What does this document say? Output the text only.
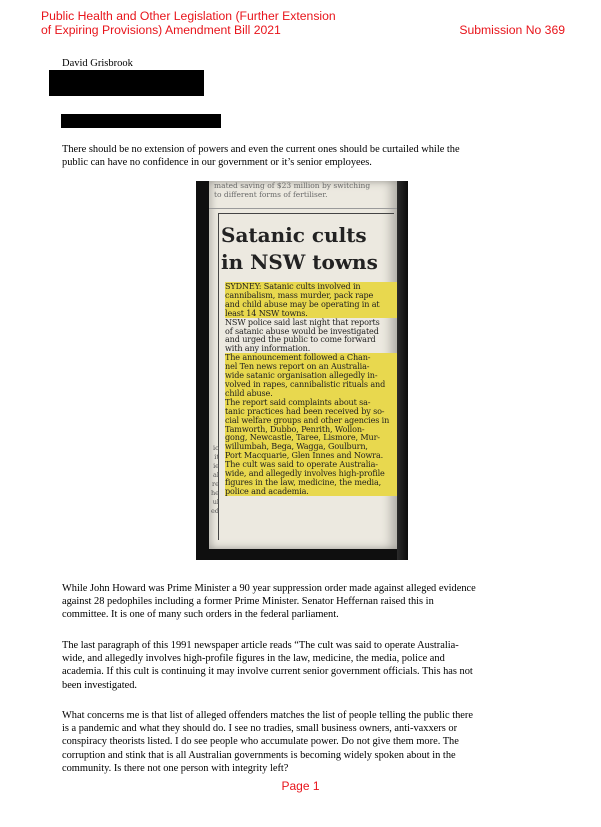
Public Health and Other Legislation (Further Extension
of Expiring Provisions) Amendment Bill 2021	Submission No 369
David Grisbrook
There should be no extension of powers and even the current ones should be curtailed while the
public can have no confidence in our government or it’s senior employees.
mated saving of $23 million by switching
to different forms of fertiliser.
Satanic cults
in NSW towns

SYDNEY: Satanic cults involved in
cannibalism, mass murder, pack rape
and child abuse may be operating in at
least 14 NSW towns.

NSW police said last night that reports
of satanic abuse would be investigated
and urged the public to come forward
with any information.

The announcement followed a Chan-
nel Ten news report on an Australia-
wide satanic organisation allegedly in-
volved in rapes, cannibalistic rituals and
child abuse.

The report said complaints about sa-
tanic practices had been received by so-
cial welfare groups and other agencies in
Tamworth, Dubbo, Penrith, Wollon-
gong, Newcastle, Taree, Lismore, Mur-
willumbah, Bega, Wagga, Goulburn,
Port Macquarie, Glen Innes and Nowra.

The cult was said to operate Australia-
wide, and allegedly involves high-profile
figures in the law, medicine, the media,
police and academia.

io
it
ie
al
re
he
ul
ed
While John Howard was Prime Minister a 90 year suppression order made against alleged evidence
against 28 pedophiles including a former Prime Minister. Senator Heffernan raised this in
committee. It is one of many such orders in the federal parliament.
The last paragraph of this 1991 newspaper article reads “The cult was said to operate Australia-
wide, and allegedly involves high-profile figures in the law, medicine, the media, police and
academia. If this cult is continuing it may involve current senior government officials. This has not
been investigated.
What concerns me is that list of alleged offenders matches the list of people telling the public there
is a pandemic and what they should do. I see no tradies, small business owners, anti-vaxxers or
conspiracy theorists listed. I do see people who accumulate power. Do not give them more. The
corruption and stink that is all Australian governments is becoming widely spoken about in the
community. Is there not one person with integrity left?
Page 1
